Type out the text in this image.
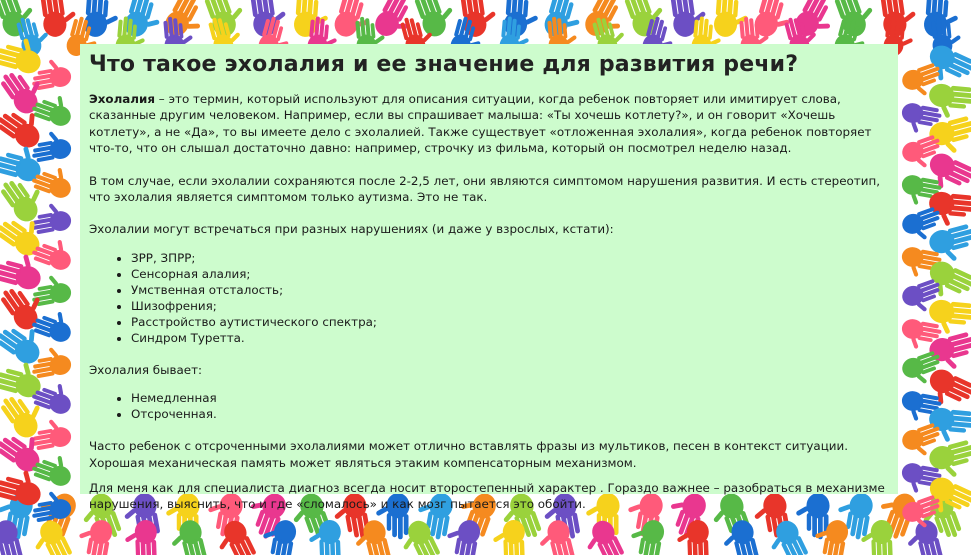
Что такое эхолалия и ее значение для развития речи?

Эхолалия – это термин, который используют для описания ситуации, когда ребенок повторяет или имитирует слова, сказанные другим человеком. Например, если вы спрашивает малыша: «Ты хочешь котлету?», и он говорит «Хочешь котлету», а не «Да», то вы имеете дело с эхолалией. Также существует «отложенная эхолалия», когда ребенок повторяет что-то, что он слышал достаточно давно: например, строчку из фильма, который он посмотрел неделю назад.

В том случае, если эхолалии сохраняются после 2-2,5 лет, они являются симптомом нарушения развития. И есть стереотип, что эхолалия является симптомом только аутизма. Это не так.

Эхолалии могут встречаться при разных нарушениях (и даже у взрослых, кстати):

• ЗРР, ЗПРР;
• Сенсорная алалия;
• Умственная отсталость;
• Шизофрения;
• Расстройство аутистического спектра;
• Синдром Туретта.

Эхолалия бывает:

• Немедленная
• Отсроченная.

Часто ребенок с отсроченными эхолалиями может отлично вставлять фразы из мультиков, песен в контекст ситуации. Хорошая механическая память может являться этаким компенсаторным механизмом.

Для меня как для специалиста диагноз всегда носит второстепенный характер . Гораздо важнее – разобраться в механизме нарушения, выяснить, что и где «сломалось» и как мозг пытается это обойти.
